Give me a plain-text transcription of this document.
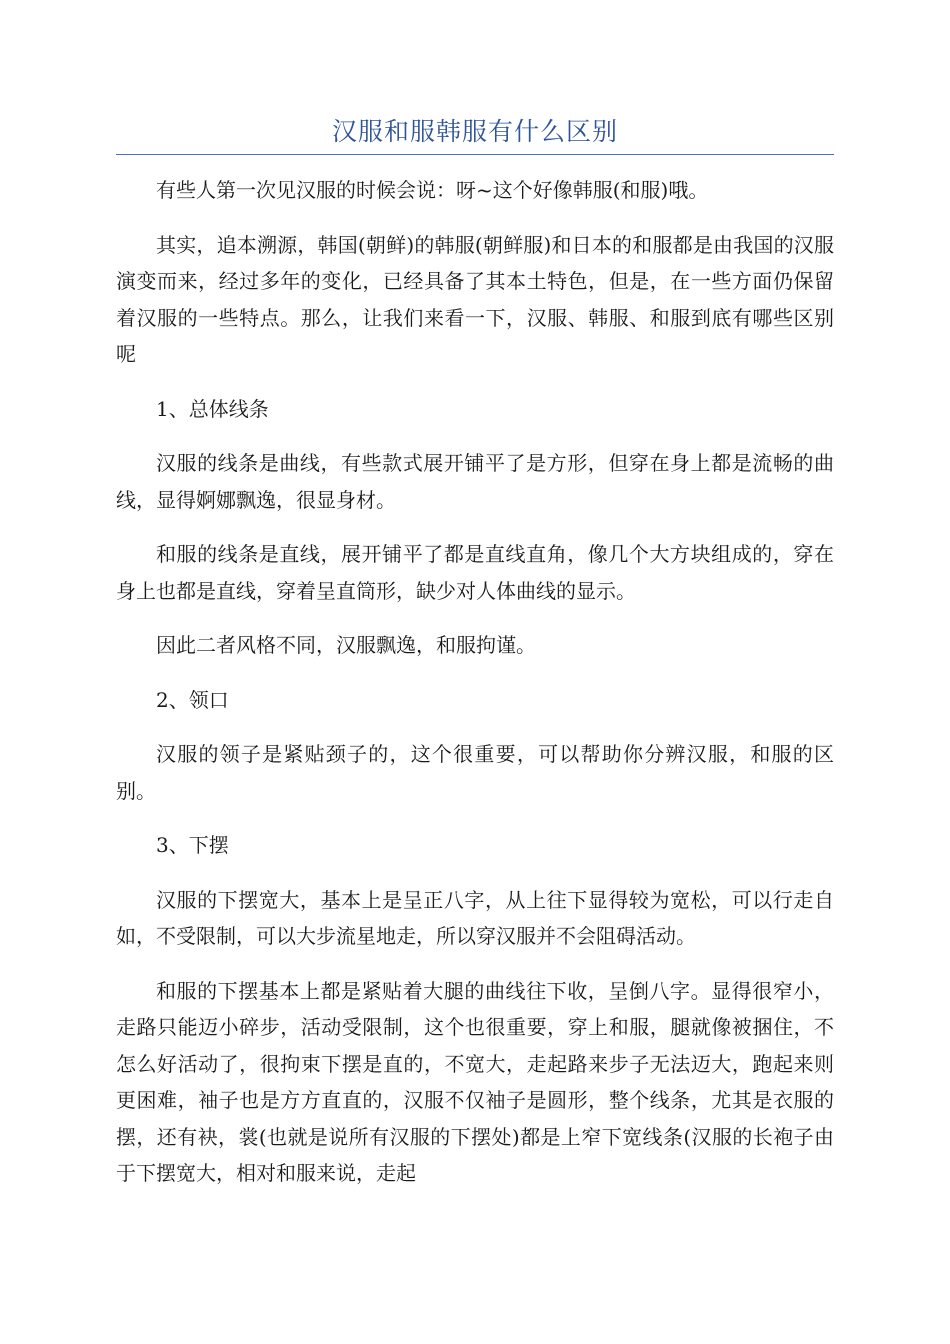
汉服和服韩服有什么区别

有些人第一次见汉服的时候会说：呀~这个好像韩服(和服)哦。

其实，追本溯源，韩国(朝鲜)的韩服(朝鲜服)和日本的和服都是由我国的汉服演变而来，经过多年的变化，已经具备了其本土特色，但是，在一些方面仍保留着汉服的一些特点。那么，让我们来看一下，汉服、韩服、和服到底有哪些区别呢

1、总体线条

汉服的线条是曲线，有些款式展开铺平了是方形，但穿在身上都是流畅的曲线，显得婀娜飘逸，很显身材。

和服的线条是直线，展开铺平了都是直线直角，像几个大方块组成的，穿在身上也都是直线，穿着呈直筒形，缺少对人体曲线的显示。

因此二者风格不同，汉服飘逸，和服拘谨。

2、领口

汉服的领子是紧贴颈子的，这个很重要，可以帮助你分辨汉服，和服的区别。

3、下摆

汉服的下摆宽大，基本上是呈正八字，从上往下显得较为宽松，可以行走自如，不受限制，可以大步流星地走，所以穿汉服并不会阻碍活动。

和服的下摆基本上都是紧贴着大腿的曲线往下收，呈倒八字。显得很窄小，走路只能迈小碎步，活动受限制，这个也很重要，穿上和服，腿就像被捆住，不怎么好活动了，很拘束下摆是直的，不宽大，走起路来步子无法迈大，跑起来则更困难，袖子也是方方直直的，汉服不仅袖子是圆形，整个线条，尤其是衣服的摆，还有袂，裳(也就是说所有汉服的下摆处)都是上窄下宽线条(汉服的长袍子由于下摆宽大，相对和服来说，走起
